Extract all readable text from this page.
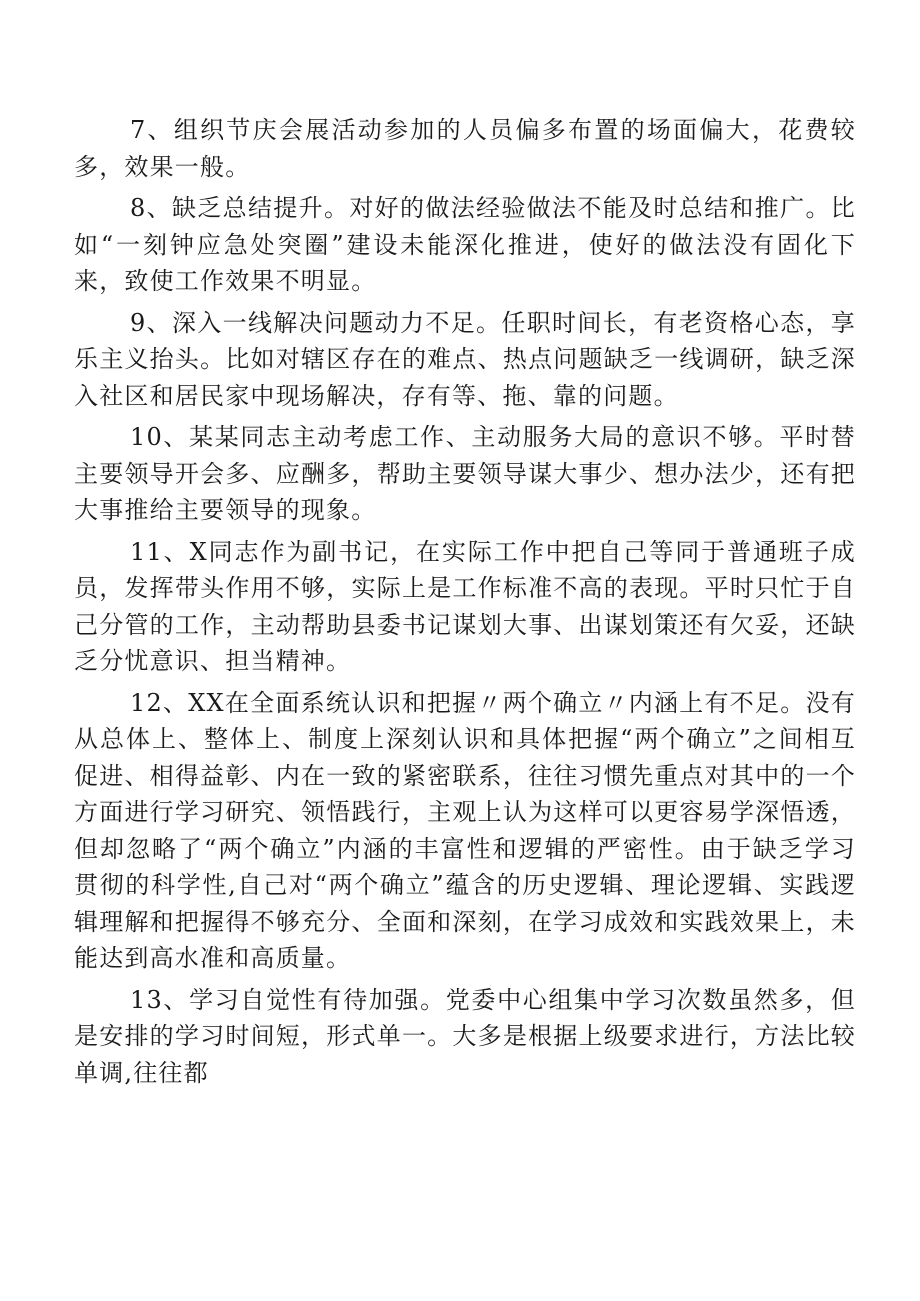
7、组织节庆会展活动参加的人员偏多布置的场面偏大，花费较多，效果一般。

8、缺乏总结提升。对好的做法经验做法不能及时总结和推广。比如“一刻钟应急处突圈”建设未能深化推进，使好的做法没有固化下来，致使工作效果不明显。

9、深入一线解决问题动力不足。任职时间长，有老资格心态，享乐主义抬头。比如对辖区存在的难点、热点问题缺乏一线调研，缺乏深入社区和居民家中现场解决，存有等、拖、靠的问题。

10、某某同志主动考虑工作、主动服务大局的意识不够。平时替主要领导开会多、应酬多，帮助主要领导谋大事少、想办法少，还有把大事推给主要领导的现象。

11、X同志作为副书记，在实际工作中把自己等同于普通班子成员，发挥带头作用不够，实际上是工作标准不高的表现。平时只忙于自己分管的工作，主动帮助县委书记谋划大事、出谋划策还有欠妥，还缺乏分忧意识、担当精神。

12、XX在全面系统认识和把握〃两个确立〃内涵上有不足。没有从总体上、整体上、制度上深刻认识和具体把握“两个确立”之间相互促进、相得益彰、内在一致的紧密联系，往往习惯先重点对其中的一个方面进行学习研究、领悟践行，主观上认为这样可以更容易学深悟透，但却忽略了“两个确立”内涵的丰富性和逻辑的严密性。由于缺乏学习贯彻的科学性,自己对“两个确立”蕴含的历史逻辑、理论逻辑、实践逻辑理解和把握得不够充分、全面和深刻，在学习成效和实践效果上，未能达到高水准和高质量。

13、学习自觉性有待加强。党委中心组集中学习次数虽然多，但是安排的学习时间短，形式单一。大多是根据上级要求进行，方法比较单调,往往都
